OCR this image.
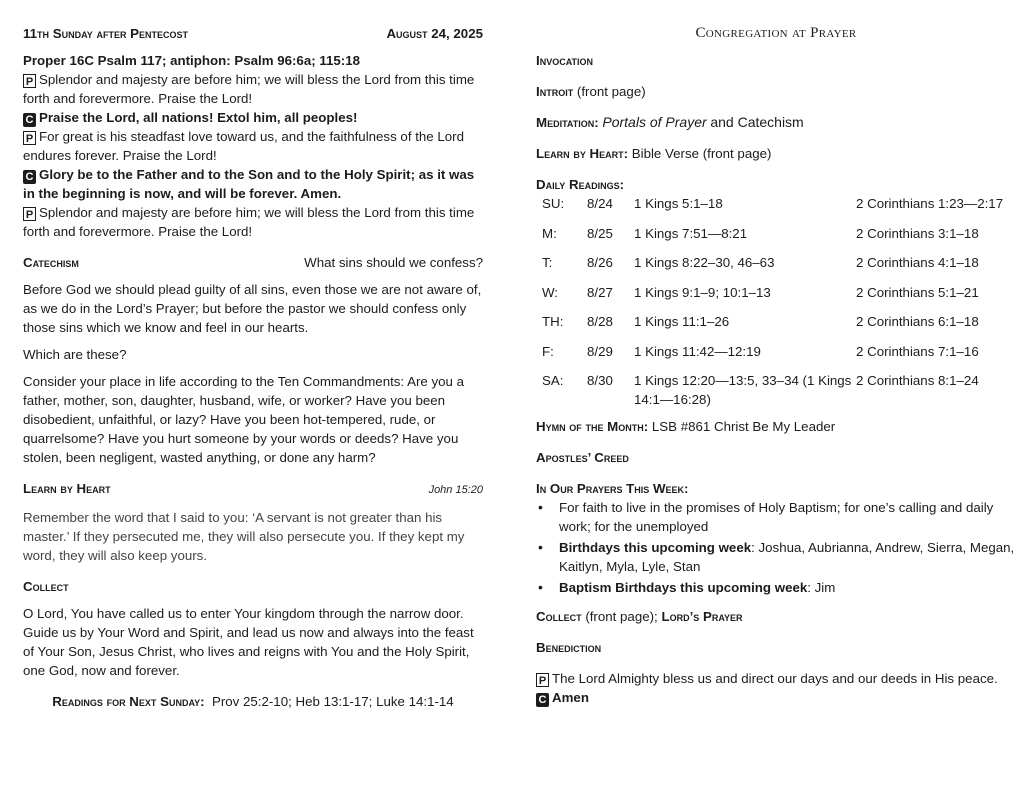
11th Sunday after Pentecost	August 24, 2025

Proper 16C Psalm 117; antiphon: Psalm 96:6a; 115:18

P Splendor and majesty are before him; we will bless the Lord from this time forth and forevermore. Praise the Lord!

C Praise the Lord, all nations! Extol him, all peoples!

P For great is his steadfast love toward us, and the faithfulness of the Lord endures forever. Praise the Lord!

C Glory be to the Father and to the Son and to the Holy Spirit; as it was in the beginning is now, and will be forever. Amen.

P Splendor and majesty are before him; we will bless the Lord from this time forth and forevermore. Praise the Lord!

Catechism	What sins should we confess?

Before God we should plead guilty of all sins, even those we are not aware of, as we do in the Lord’s Prayer; but before the pastor we should confess only those sins which we know and feel in our hearts.

Which are these?

Consider your place in life according to the Ten Commandments: Are you a father, mother, son, daughter, husband, wife, or worker? Have you been disobedient, unfaithful, or lazy? Have you been hot-tempered, rude, or quarrelsome? Have you hurt someone by your words or deeds? Have you stolen, been negligent, wasted anything, or done any harm?

Learn by Heart	John 15:20

Remember the word that I said to you: ‘A servant is not greater than his master.’ If they persecuted me, they will also persecute you. If they kept my word, they will also keep yours.

Collect

O Lord, You have called us to enter Your kingdom through the narrow door. Guide us by Your Word and Spirit, and lead us now and always into the feast of Your Son, Jesus Christ, who lives and reigns with You and the Holy Spirit, one God, now and forever.

Readings for Next Sunday: Prov 25:2-10; Heb 13:1-17; Luke 14:1-14

Congregation at Prayer

Invocation

Introit (front page)

Meditation: Portals of Prayer and Catechism

Learn by Heart: Bible Verse (front page)

Daily Readings:

SU:	8/24	1 Kings 5:1–18	2 Corinthians 1:23—2:17
M:	8/25	1 Kings 7:51—8:21	2 Corinthians 3:1–18
T:	8/26	1 Kings 8:22–30, 46–63	2 Corinthians 4:1–18
W:	8/27	1 Kings 9:1–9; 10:1–13	2 Corinthians 5:1–21
TH:	8/28	1 Kings 11:1–26	2 Corinthians 6:1–18
F:	8/29	1 Kings 11:42—12:19	2 Corinthians 7:1–16
SA:	8/30	1 Kings 12:20—13:5, 33–34 (1 Kings 14:1—16:28)	2 Corinthians 8:1–24

Hymn of the Month: LSB #861 Christ Be My Leader

Apostles’ Creed

In Our Prayers This Week:

• For faith to live in the promises of Holy Baptism; for one’s calling and daily work; for the unemployed
• Birthdays this upcoming week: Joshua, Aubrianna, Andrew, Sierra, Megan, Kaitlyn, Myla, Lyle, Stan
• Baptism Birthdays this upcoming week: Jim

Collect (front page); Lord’s Prayer

Benediction

P The Lord Almighty bless us and direct our days and our deeds in His peace.

C Amen
